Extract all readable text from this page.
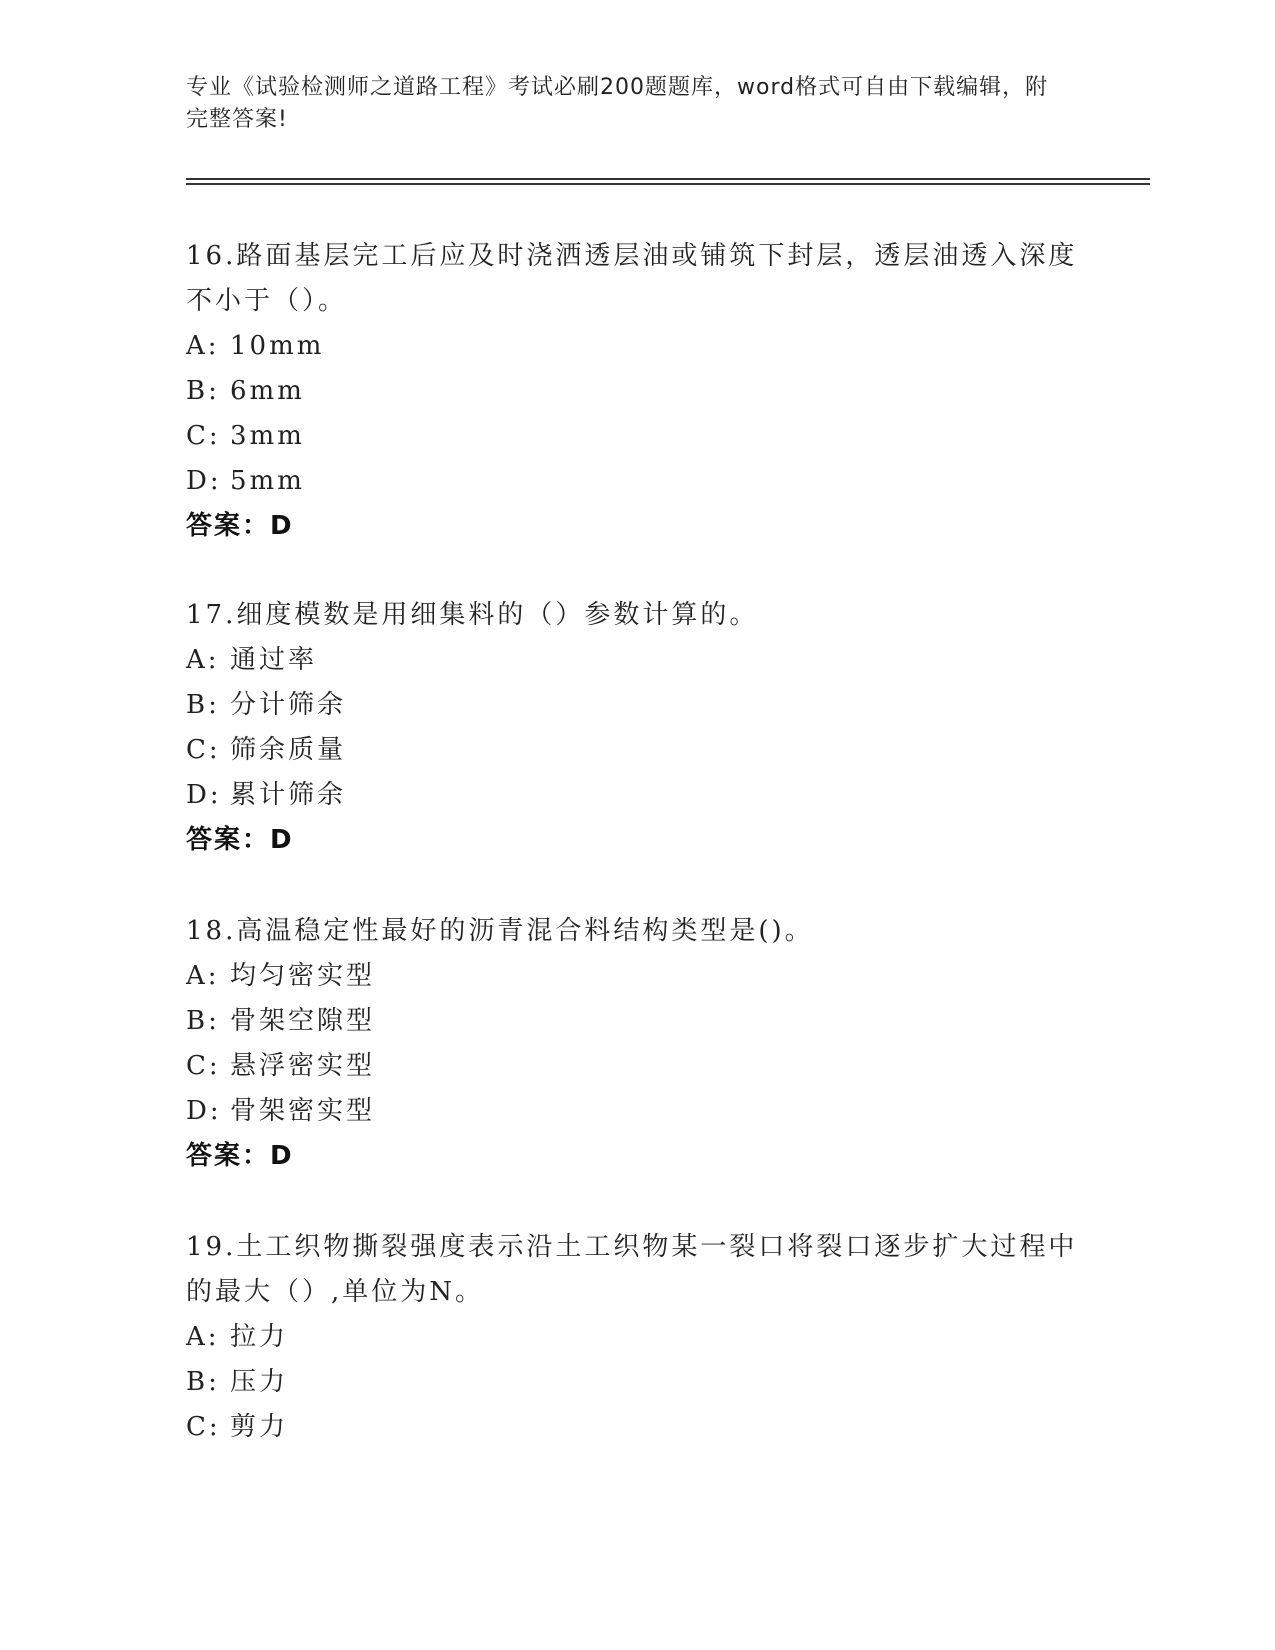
专业《试验检测师之道路工程》考试必刷200题题库，word格式可自由下载编辑，附完整答案!

16.路面基层完工后应及时浇洒透层油或铺筑下封层，透层油透入深度不小于（）。

A: 10mm
B: 6mm
C: 3mm
D: 5mm
答案：D

17.细度模数是用细集料的（）参数计算的。

A: 通过率
B: 分计筛余
C: 筛余质量
D: 累计筛余
答案：D

18.高温稳定性最好的沥青混合料结构类型是()。

A: 均匀密实型
B: 骨架空隙型
C: 悬浮密实型
D: 骨架密实型
答案：D

19.土工织物撕裂强度表示沿土工织物某一裂口将裂口逐步扩大过程中的最大（）,单位为N。

A: 拉力
B: 压力
C: 剪力
